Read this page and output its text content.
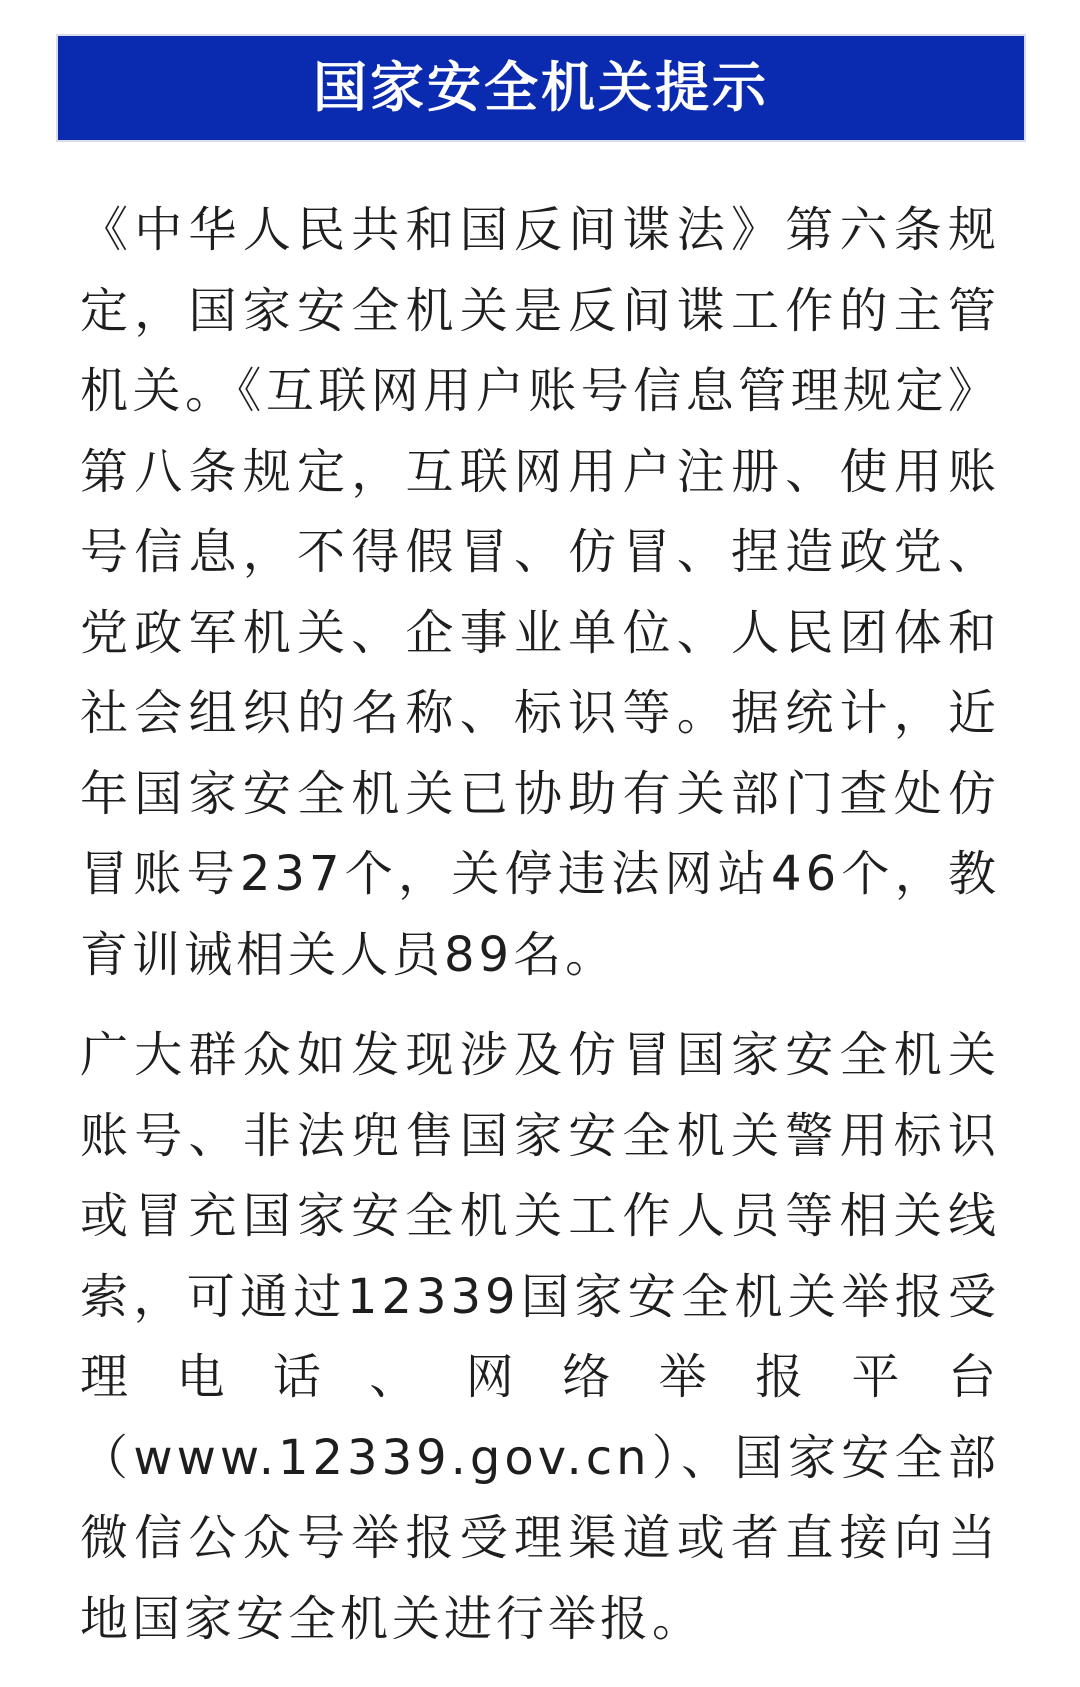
国家安全机关提示

《中华人民共和国反间谍法》第六条规定，国家安全机关是反间谍工作的主管机关。《互联网用户账号信息管理规定》第八条规定，互联网用户注册、使用账号信息，不得假冒、仿冒、捏造政党、党政军机关、企事业单位、人民团体和社会组织的名称、标识等。据统计，近年国家安全机关已协助有关部门查处仿冒账号237个，关停违法网站46个，教育训诫相关人员89名。

广大群众如发现涉及仿冒国家安全机关账号、非法兜售国家安全机关警用标识或冒充国家安全机关工作人员等相关线索，可通过12339国家安全机关举报受理电话、网络举报平台（www.12339.gov.cn）、国家安全部微信公众号举报受理渠道或者直接向当地国家安全机关进行举报。
